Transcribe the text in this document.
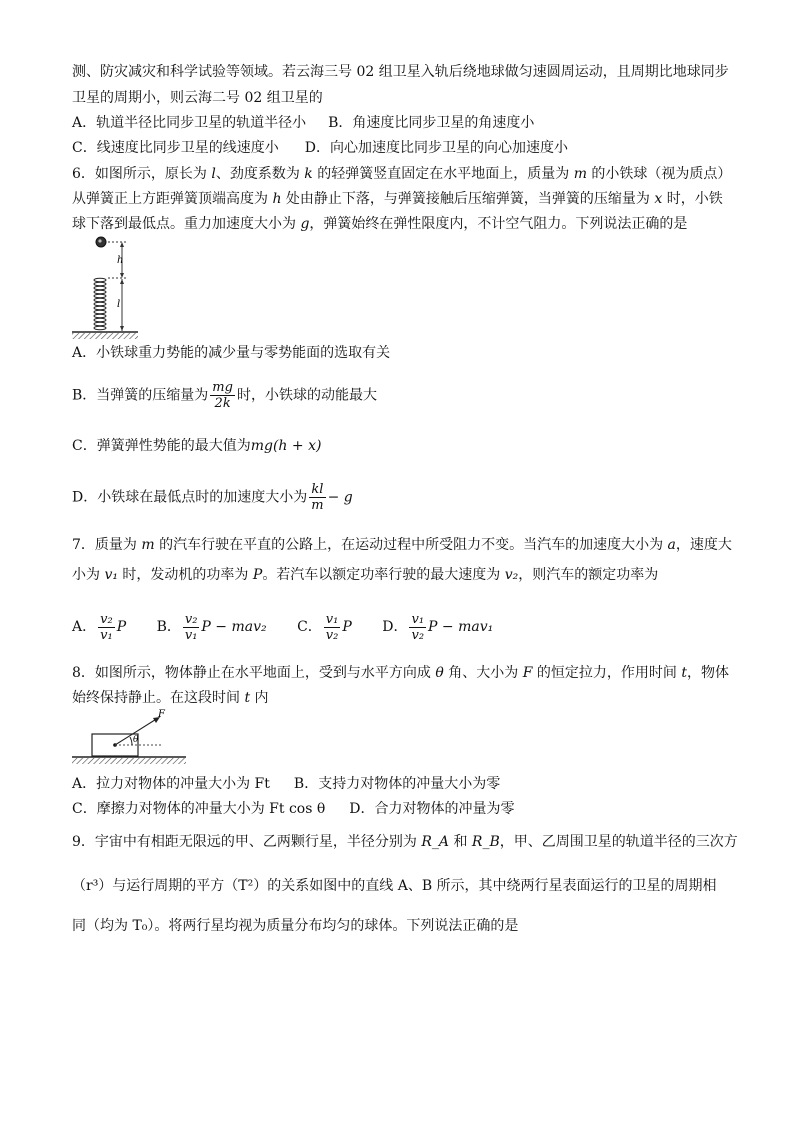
测、防灾减灾和科学试验等领域。若云海三号 02 组卫星入轨后绕地球做匀速圆周运动，且周期比地球同步
卫星的周期小，则云海二号 02 组卫星的
A．轨道半径比同步卫星的轨道半径小 B．角速度比同步卫星的角速度小
C．线速度比同步卫星的线速度小 D．向心加速度比同步卫星的向心加速度小
6．如图所示，原长为 l、劲度系数为 k 的轻弹簧竖直固定在水平地面上，质量为 m 的小铁球（视为质点）
从弹簧正上方距弹簧顶端高度为 h 处由静止下落，与弹簧接触后压缩弹簧，当弹簧的压缩量为 x 时，小铁
球下落到最低点。重力加速度大小为 g，弹簧始终在弹性限度内，不计空气阻力。下列说法正确的是
h
l
A．小铁球重力势能的减少量与零势能面的选取有关
B．当弹簧的压缩量为 $\frac{mg}{2k}$ 时，小铁球的动能最大
C．弹簧弹性势能的最大值为mg(h + x)
D．小铁球在最低点时的加速度大小为 $\frac{kl}{m} - g$
7．质量为 m 的汽车行驶在平直的公路上，在运动过程中所受阻力不变。当汽车的加速度大小为 a，速度大
小为 v₁ 时，发动机的功率为 P。若汽车以额定功率行驶的最大速度为 v₂，则汽车的额定功率为
A． $\frac{\text{v₂}}{\text{v₁}}$ P B． $\frac{\text{v₂}}{\text{v₁}}$ P − mav₂ C． $\frac{\text{v₁}}{\text{v₂}}$ P D． $\frac{\text{v₁}}{\text{v₂}}$ P − mav₁
8．如图所示，物体静止在水平地面上，受到与水平方向成 θ 角、大小为 F 的恒定拉力，作用时间 t，物体
始终保持静止。在这段时间 t 内
F
θ
A．拉力对物体的冲量大小为 Ft B．支持力对物体的冲量大小为零
C．摩擦力对物体的冲量大小为 Ft cos θ D．合力对物体的冲量为零
9．宇宙中有相距无限远的甲、乙两颗行星，半径分别为 R_A 和 R_B，甲、乙周围卫星的轨道半径的三次方
（r³）与运行周期的平方（T²）的关系如图中的直线 A、B 所示，其中绕两行星表面运行的卫星的周期相
同（均为 T₀）。将两行星均视为质量分布均匀的球体。下列说法正确的是
